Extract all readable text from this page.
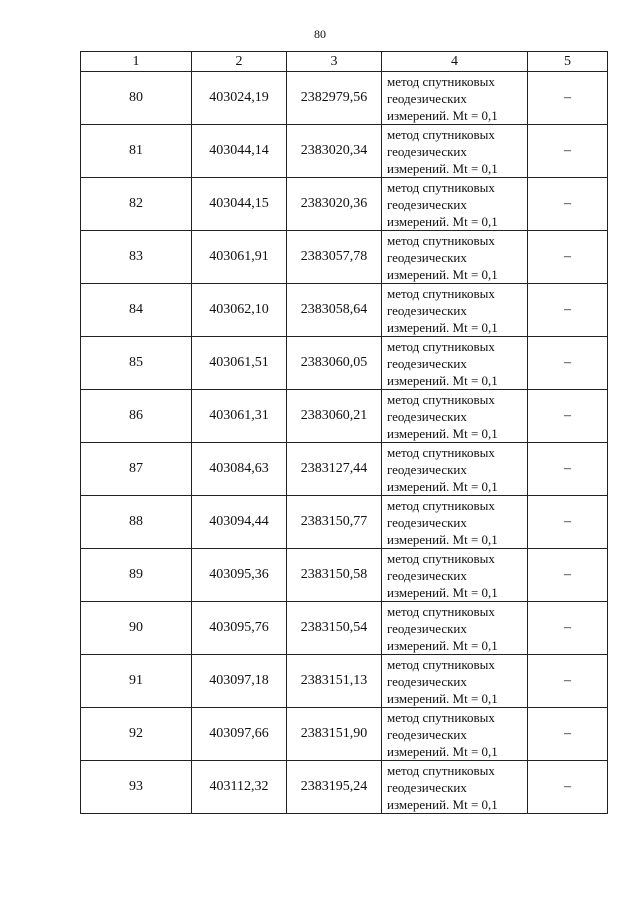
80
1	2	3	4	5
80	403024,19	2382979,56	метод спутниковых
геодезических
измерений. Mt = 0,1	–
81	403044,14	2383020,34	метод спутниковых
геодезических
измерений. Mt = 0,1	–
82	403044,15	2383020,36	метод спутниковых
геодезических
измерений. Mt = 0,1	–
83	403061,91	2383057,78	метод спутниковых
геодезических
измерений. Mt = 0,1	–
84	403062,10	2383058,64	метод спутниковых
геодезических
измерений. Mt = 0,1	–
85	403061,51	2383060,05	метод спутниковых
геодезических
измерений. Mt = 0,1	–
86	403061,31	2383060,21	метод спутниковых
геодезических
измерений. Mt = 0,1	–
87	403084,63	2383127,44	метод спутниковых
геодезических
измерений. Mt = 0,1	–
88	403094,44	2383150,77	метод спутниковых
геодезических
измерений. Mt = 0,1	–
89	403095,36	2383150,58	метод спутниковых
геодезических
измерений. Mt = 0,1	–
90	403095,76	2383150,54	метод спутниковых
геодезических
измерений. Mt = 0,1	–
91	403097,18	2383151,13	метод спутниковых
геодезических
измерений. Mt = 0,1	–
92	403097,66	2383151,90	метод спутниковых
геодезических
измерений. Mt = 0,1	–
93	403112,32	2383195,24	метод спутниковых
геодезических
измерений. Mt = 0,1	–
